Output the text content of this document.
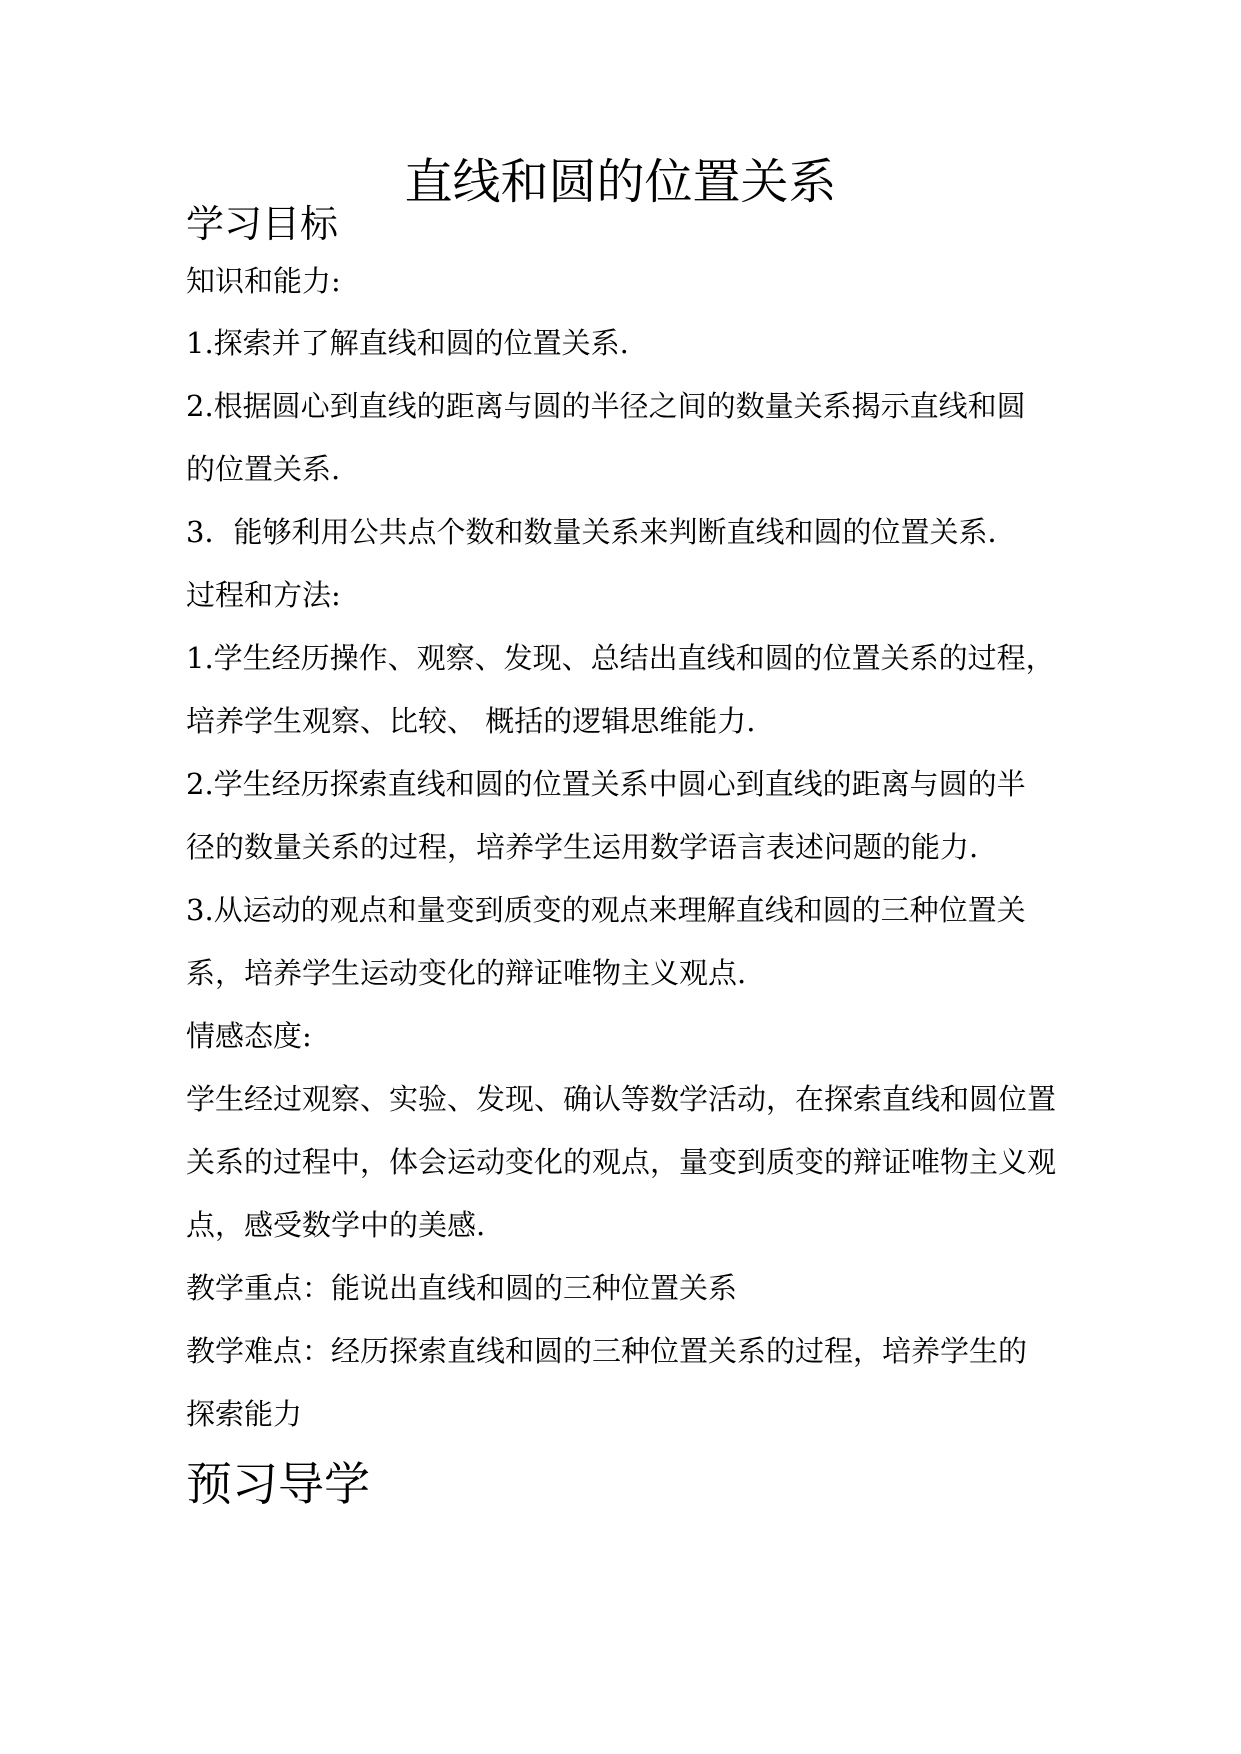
直线和圆的位置关系
学习目标
知识和能力:
1.探索并了解直线和圆的位置关系.
2.根据圆心到直线的距离与圆的半径之间的数量关系揭示直线和圆
的位置关系.
3．能够利用公共点个数和数量关系来判断直线和圆的位置关系．
过程和方法:
1.学生经历操作、观察、发现、总结出直线和圆的位置关系的过程，
培养学生观察、比较、 概括的逻辑思维能力.
2.学生经历探索直线和圆的位置关系中圆心到直线的距离与圆的半
径的数量关系的过程，培养学生运用数学语言表述问题的能力.
3.从运动的观点和量变到质变的观点来理解直线和圆的三种位置关
系，培养学生运动变化的辩证唯物主义观点.
情感态度:
学生经过观察、实验、发现、确认等数学活动，在探索直线和圆位置
关系的过程中，体会运动变化的观点，量变到质变的辩证唯物主义观
点，感受数学中的美感.
教学重点：能说出直线和圆的三种位置关系
教学难点：经历探索直线和圆的三种位置关系的过程，培养学生的
探索能力
预习导学
